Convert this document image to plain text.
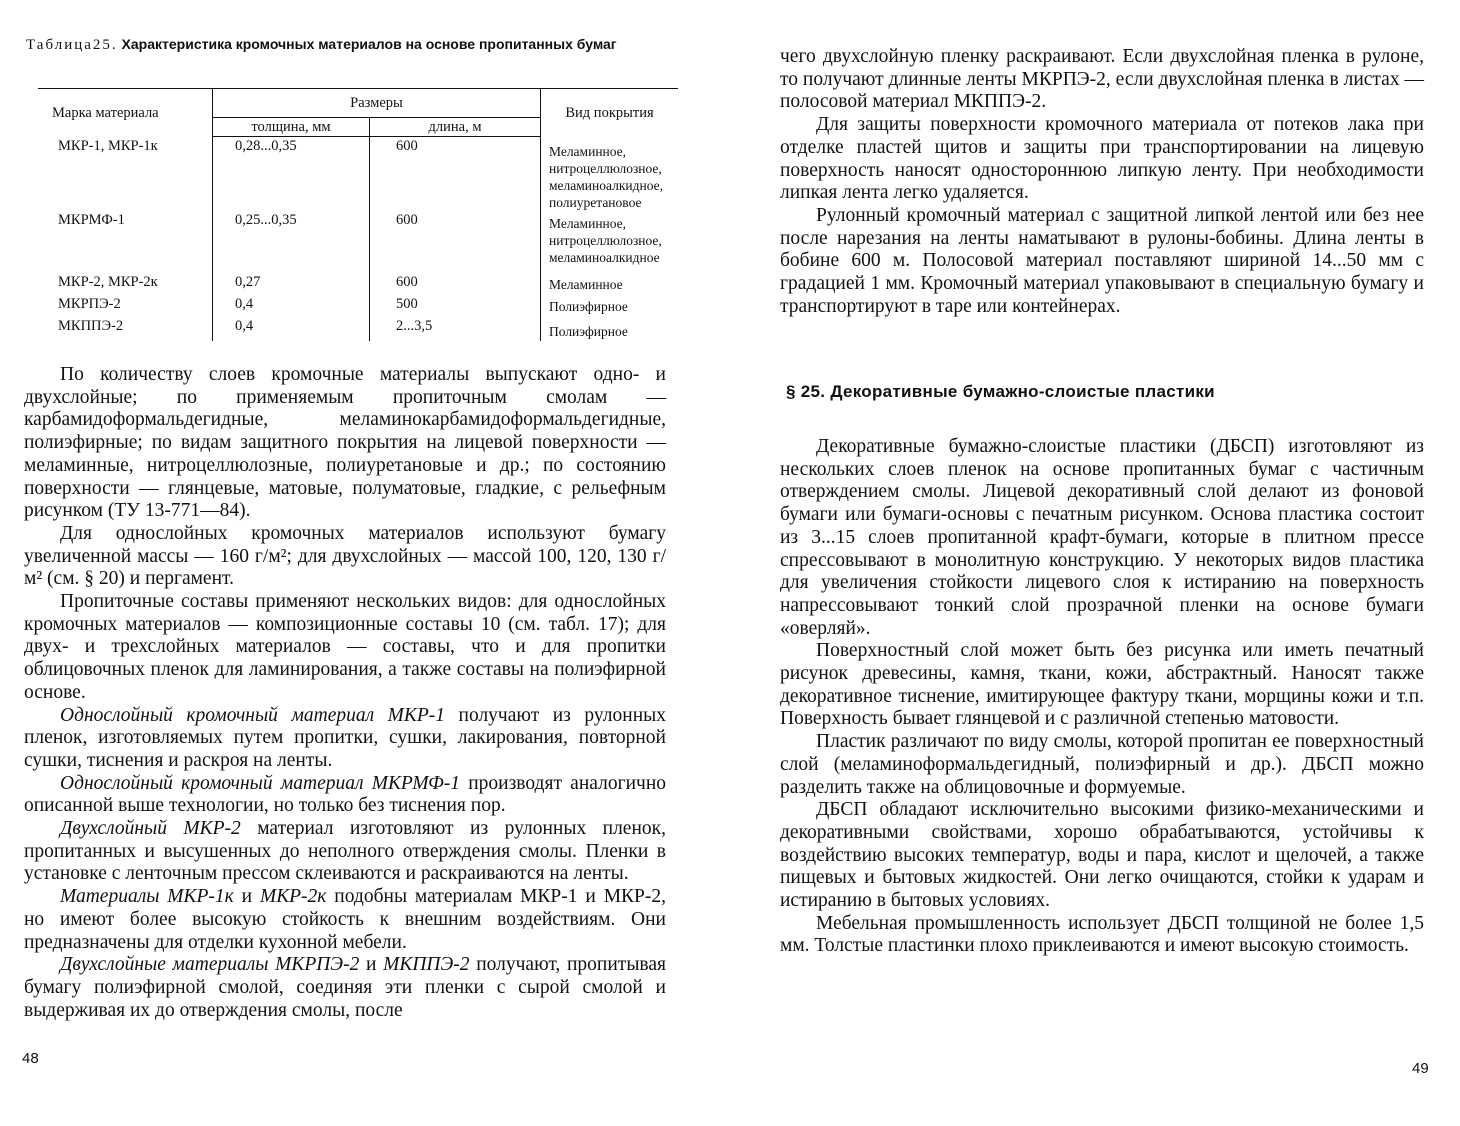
Таблица25. Характеристика кромочных материалов на основе пропитанных бумаг
Марка материала	Размеры		Вид покрытия
	толщина, мм	длина, м	
МКР-1, МКР-1к	0,28...0,35	600	Меламинное, нитроцеллюлозное, меламиноалкидное, полиуретановое
МКРМФ-1	0,25...0,35	600	Меламинное, нитроцеллюлозное, меламиноалкидное
МКР-2, МКР-2к	0,27	600	Меламинное
МКРПЭ-2	0,4	500	Полиэфирное
МКППЭ-2	0,4	2...3,5	Полиэфирное

По количеству слоев кромочные материалы выпускают одно- и двухслойные; по применяемым пропиточным смолам — карбамидоформальдегидные, меламинокарбамидоформальдегидные, полиэфирные; по видам защитного покрытия на лицевой поверхности — меламинные, нитроцеллюлозные, полиуретановые и др.; по состоянию поверхности — глянцевые, матовые, полуматовые, гладкие, с рельефным рисунком (ТУ 13-771—84).

Для однослойных кромочных материалов используют бумагу увеличенной массы — 160 г/м²; для двухслойных — массой 100, 120, 130 г/м² (см. § 20) и пергамент.

Пропиточные составы применяют нескольких видов: для однослойных кромочных материалов — композиционные составы 10 (см. табл. 17); для двух- и трехслойных материалов — составы, что и для пропитки облицовочных пленок для ламинирования, а также составы на полиэфирной основе.

Однослойный кромочный материал МКР-1 получают из рулонных пленок, изготовляемых путем пропитки, сушки, лакирования, повторной сушки, тиснения и раскроя на ленты.

Однослойный кромочный материал МКРМФ-1 производят аналогично описанной выше технологии, но только без тиснения пор.

Двухслойный МКР-2 материал изготовляют из рулонных пленок, пропитанных и высушенных до неполного отверждения смолы. Пленки в установке с ленточным прессом склеиваются и раскраиваются на ленты.

Материалы МКР-1к и МКР-2к подобны материалам МКР-1 и МКР-2, но имеют более высокую стойкость к внешним воздействиям. Они предназначены для отделки кухонной мебели.

Двухслойные материалы МКРПЭ-2 и МКППЭ-2 получают, пропитывая бумагу полиэфирной смолой, соединяя эти пленки с сырой смолой и выдерживая их до отверждения смолы, после

48

чего двухслойную пленку раскраивают. Если двухслойная пленка в рулоне, то получают длинные ленты МКРПЭ-2, если двухслойная пленка в листах — полосовой материал МКППЭ-2.

Для защиты поверхности кромочного материала от потеков лака при отделке пластей щитов и защиты при транспортировании на лицевую поверхность наносят одностороннюю липкую ленту. При необходимости липкая лента легко удаляется.

Рулонный кромочный материал с защитной липкой лентой или без нее после нарезания на ленты наматывают в рулоны-бобины. Длина ленты в бобине 600 м. Полосовой материал поставляют шириной 14...50 мм с градацией 1 мм. Кромочный материал упаковывают в специальную бумагу и транспортируют в таре или контейнерах.

§ 25. Декоративные бумажно-слоистые пластики

Декоративные бумажно-слоистые пластики (ДБСП) изготовляют из нескольких слоев пленок на основе пропитанных бумаг с частичным отверждением смолы. Лицевой декоративный слой делают из фоновой бумаги или бумаги-основы с печатным рисунком. Основа пластика состоит из 3...15 слоев пропитанной крафт-бумаги, которые в плитном прессе спрессовывают в монолитную конструкцию. У некоторых видов пластика для увеличения стойкости лицевого слоя к истиранию на поверхность напрессовывают тонкий слой прозрачной пленки на основе бумаги «оверляй».

Поверхностный слой может быть без рисунка или иметь печатный рисунок древесины, камня, ткани, кожи, абстрактный. Наносят также декоративное тиснение, имитирующее фактуру ткани, морщины кожи и т.п. Поверхность бывает глянцевой и с различной степенью матовости.

Пластик различают по виду смолы, которой пропитан ее поверхностный слой (меламиноформальдегидный, полиэфирный и др.). ДБСП можно разделить также на облицовочные и формуемые.

ДБСП обладают исключительно высокими физико-механическими и декоративными свойствами, хорошо обрабатываются, устойчивы к воздействию высоких температур, воды и пара, кислот и щелочей, а также пищевых и бытовых жидкостей. Они легко очищаются, стойки к ударам и истиранию в бытовых условиях.

Мебельная промышленность использует ДБСП толщиной не более 1,5 мм. Толстые пластинки плохо приклеиваются и имеют высокую стоимость.

49
